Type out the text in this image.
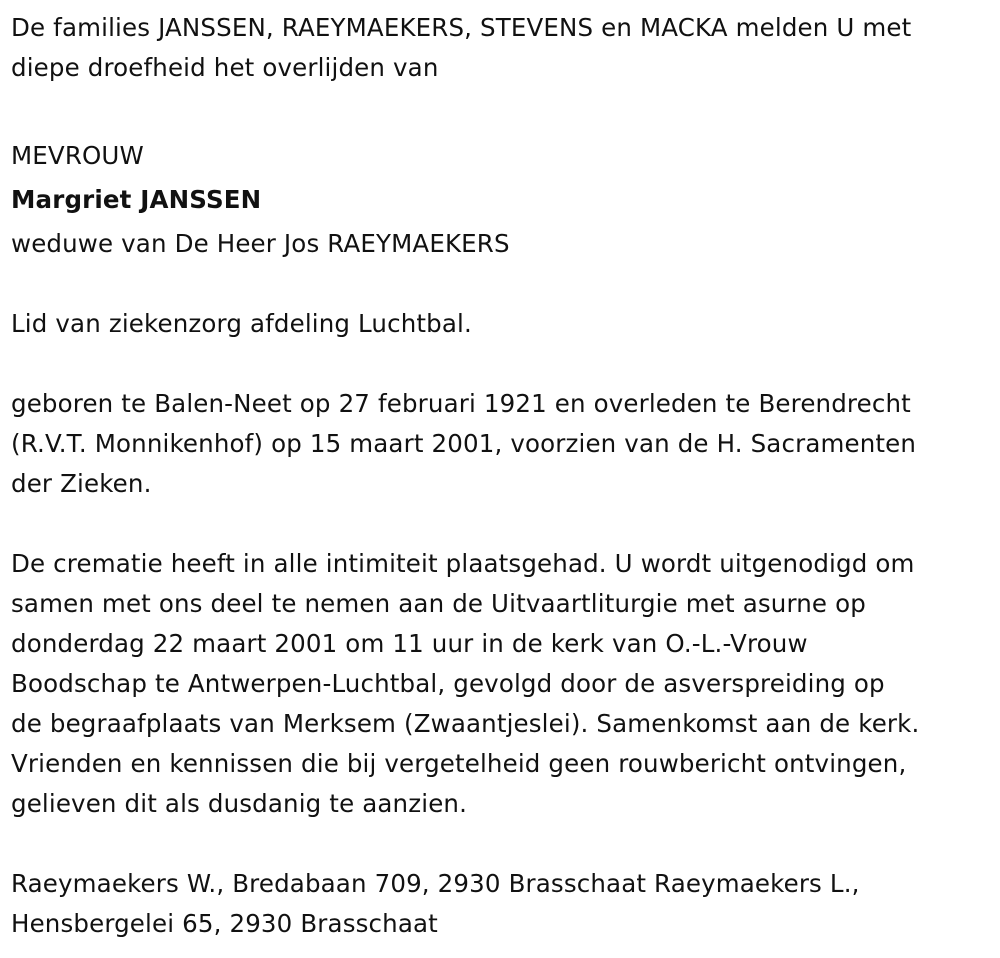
De families JANSSEN, RAEYMAEKERS, STEVENS en MACKA melden U met
diepe droefheid het overlijden van
MEVROUW
Margriet JANSSEN
weduwe van De Heer Jos RAEYMAEKERS
Lid van ziekenzorg afdeling Luchtbal.
geboren te Balen-Neet op 27 februari 1921 en overleden te Berendrecht
(R.V.T. Monnikenhof) op 15 maart 2001, voorzien van de H. Sacramenten
der Zieken.
De crematie heeft in alle intimiteit plaatsgehad. U wordt uitgenodigd om
samen met ons deel te nemen aan de Uitvaartliturgie met asurne op
donderdag 22 maart 2001 om 11 uur in de kerk van O.-L.-Vrouw
Boodschap te Antwerpen-Luchtbal, gevolgd door de asverspreiding op
de begraafplaats van Merksem (Zwaantjeslei). Samenkomst aan de kerk.
Vrienden en kennissen die bij vergetelheid geen rouwbericht ontvingen,
gelieven dit als dusdanig te aanzien.
Raeymaekers W., Bredabaan 709, 2930 Brasschaat Raeymaekers L.,
Hensbergelei 65, 2930 Brasschaat
